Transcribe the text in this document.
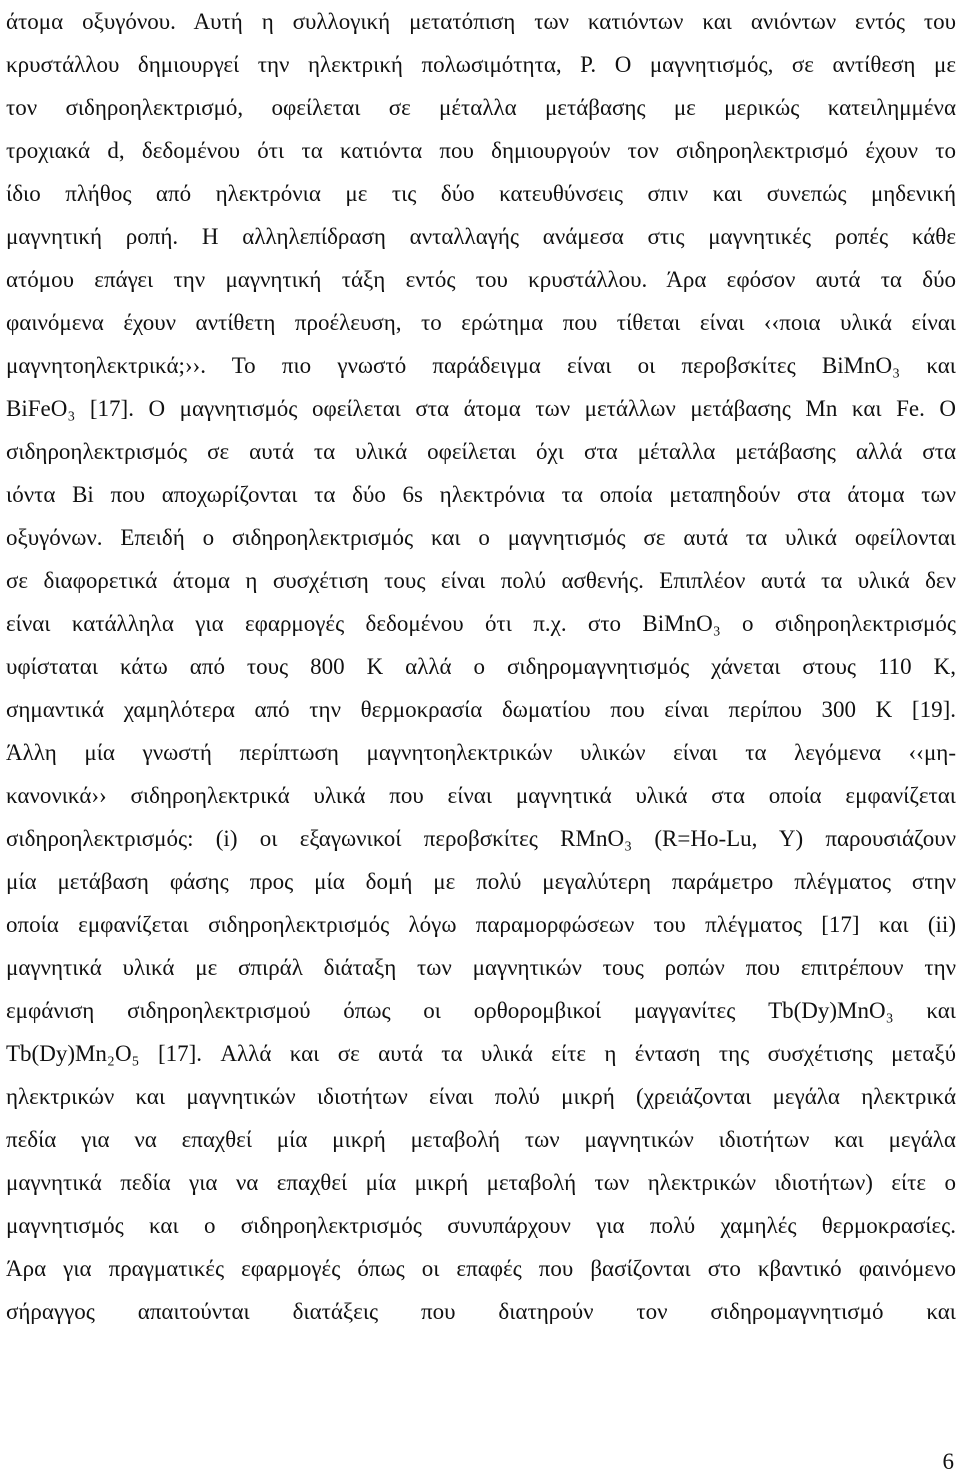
άτομα οξυγόνου. Αυτή η συλλογική μετατόπιση των κατιόντων και ανιόντων εντός του
κρυστάλλου δημιουργεί την ηλεκτρική πολωσιμότητα, P. Ο μαγνητισμός, σε αντίθεση με
τον σιδηροηλεκτρισμό, οφείλεται σε μέταλλα μετάβασης με μερικώς κατειλημμένα
τροχιακά d, δεδομένου ότι τα κατιόντα που δημιουργούν τον σιδηροηλεκτρισμό έχουν το
ίδιο πλήθος από ηλεκτρόνια με τις δύο κατευθύνσεις σπιν και συνεπώς μηδενική
μαγνητική ροπή. Η αλληλεπίδραση ανταλλαγής ανάμεσα στις μαγνητικές ροπές κάθε
ατόμου επάγει την μαγνητική τάξη εντός του κρυστάλλου. Άρα εφόσον αυτά τα δύο
φαινόμενα έχουν αντίθετη προέλευση, το ερώτημα που τίθεται είναι ‹‹ποια υλικά είναι
μαγνητοηλεκτρικά;››. Το πιο γνωστό παράδειγμα είναι οι περοβσκίτες BiMnO₃ και
BiFeO₃ [17]. Ο μαγνητισμός οφείλεται στα άτομα των μετάλλων μετάβασης Mn και Fe. Ο
σιδηροηλεκτρισμός σε αυτά τα υλικά οφείλεται όχι στα μέταλλα μετάβασης αλλά στα
ιόντα Bi που αποχωρίζονται τα δύο 6s ηλεκτρόνια τα οποία μεταπηδούν στα άτομα των
οξυγόνων. Επειδή ο σιδηροηλεκτρισμός και ο μαγνητισμός σε αυτά τα υλικά οφείλονται
σε διαφορετικά άτομα η συσχέτιση τους είναι πολύ ασθενής. Επιπλέον αυτά τα υλικά δεν
είναι κατάλληλα για εφαρμογές δεδομένου ότι π.χ. στο BiMnO₃ ο σιδηροηλεκτρισμός
υφίσταται κάτω από τους 800 K αλλά ο σιδηρομαγνητισμός χάνεται στους 110 K,
σημαντικά χαμηλότερα από την θερμοκρασία δωματίου που είναι περίπου 300 K [19].
Άλλη μία γνωστή περίπτωση μαγνητοηλεκτρικών υλικών είναι τα λεγόμενα ‹‹μη-
κανονικά›› σιδηροηλεκτρικά υλικά που είναι μαγνητικά υλικά στα οποία εμφανίζεται
σιδηροηλεκτρισμός: (i) οι εξαγωνικοί περοβσκίτες RMnO₃ (R=Ho-Lu, Y) παρουσιάζουν
μία μετάβαση φάσης προς μία δομή με πολύ μεγαλύτερη παράμετρο πλέγματος στην
οποία εμφανίζεται σιδηροηλεκτρισμός λόγω παραμορφώσεων του πλέγματος [17] και (ii)
μαγνητικά υλικά με σπιράλ διάταξη των μαγνητικών τους ροπών που επιτρέπουν την
εμφάνιση σιδηροηλεκτρισμού όπως οι ορθορομβικοί μαγγανίτες Tb(Dy)MnO₃ και
Tb(Dy)Mn₂O₅ [17]. Αλλά και σε αυτά τα υλικά είτε η ένταση της συσχέτισης μεταξύ
ηλεκτρικών και μαγνητικών ιδιοτήτων είναι πολύ μικρή (χρειάζονται μεγάλα ηλεκτρικά
πεδία για να επαχθεί μία μικρή μεταβολή των μαγνητικών ιδιοτήτων και μεγάλα
μαγνητικά πεδία για να επαχθεί μία μικρή μεταβολή των ηλεκτρικών ιδιοτήτων) είτε ο
μαγνητισμός και ο σιδηροηλεκτρισμός συνυπάρχουν για πολύ χαμηλές θερμοκρασίες.
Άρα για πραγματικές εφαρμογές όπως οι επαφές που βασίζονται στο κβαντικό φαινόμενο
σήραγγος απαιτούνται διατάξεις που διατηρούν τον σιδηρομαγνητισμό και
6
